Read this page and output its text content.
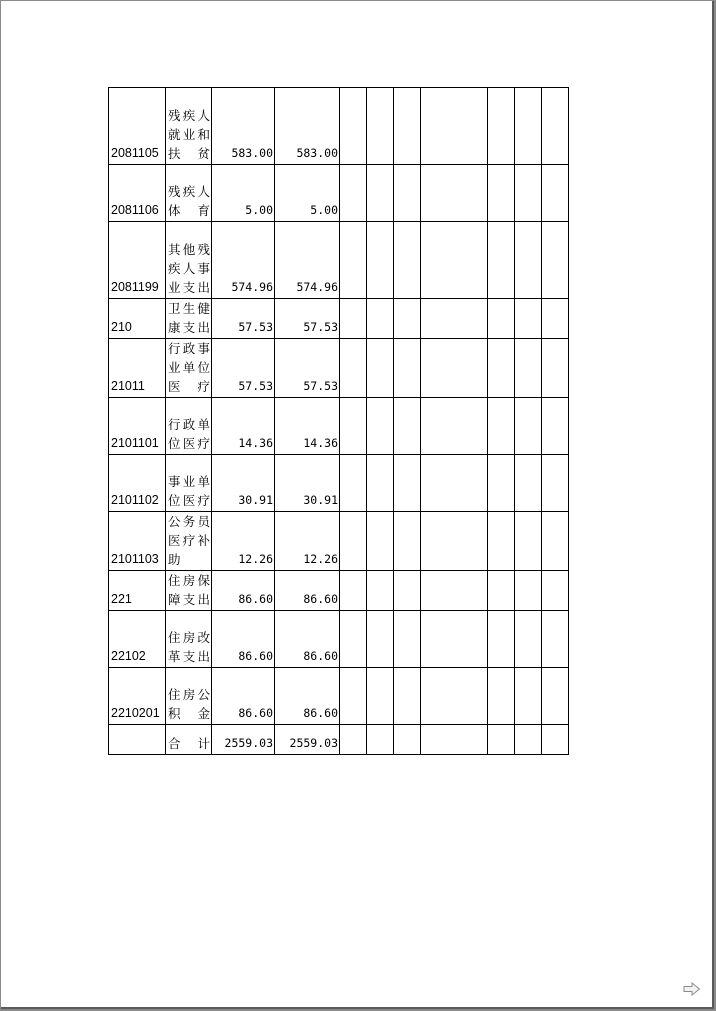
2081105	残疾人就业和扶贫	583.00	583.00							
2081106	残疾人体育	5.00	5.00							
2081199	其他残疾人事业支出	574.96	574.96							
210	卫生健康支出	57.53	57.53							
21011	行政事业单位医疗	57.53	57.53							
2101101	行政单位医疗	14.36	14.36							
2101102	事业单位医疗	30.91	30.91							
2101103	公务员医疗补助	12.26	12.26							
221	住房保障支出	86.60	86.60							
22102	住房改革支出	86.60	86.60							
2210201	住房公积金	86.60	86.60							
	合计	2559.03	2559.03							
